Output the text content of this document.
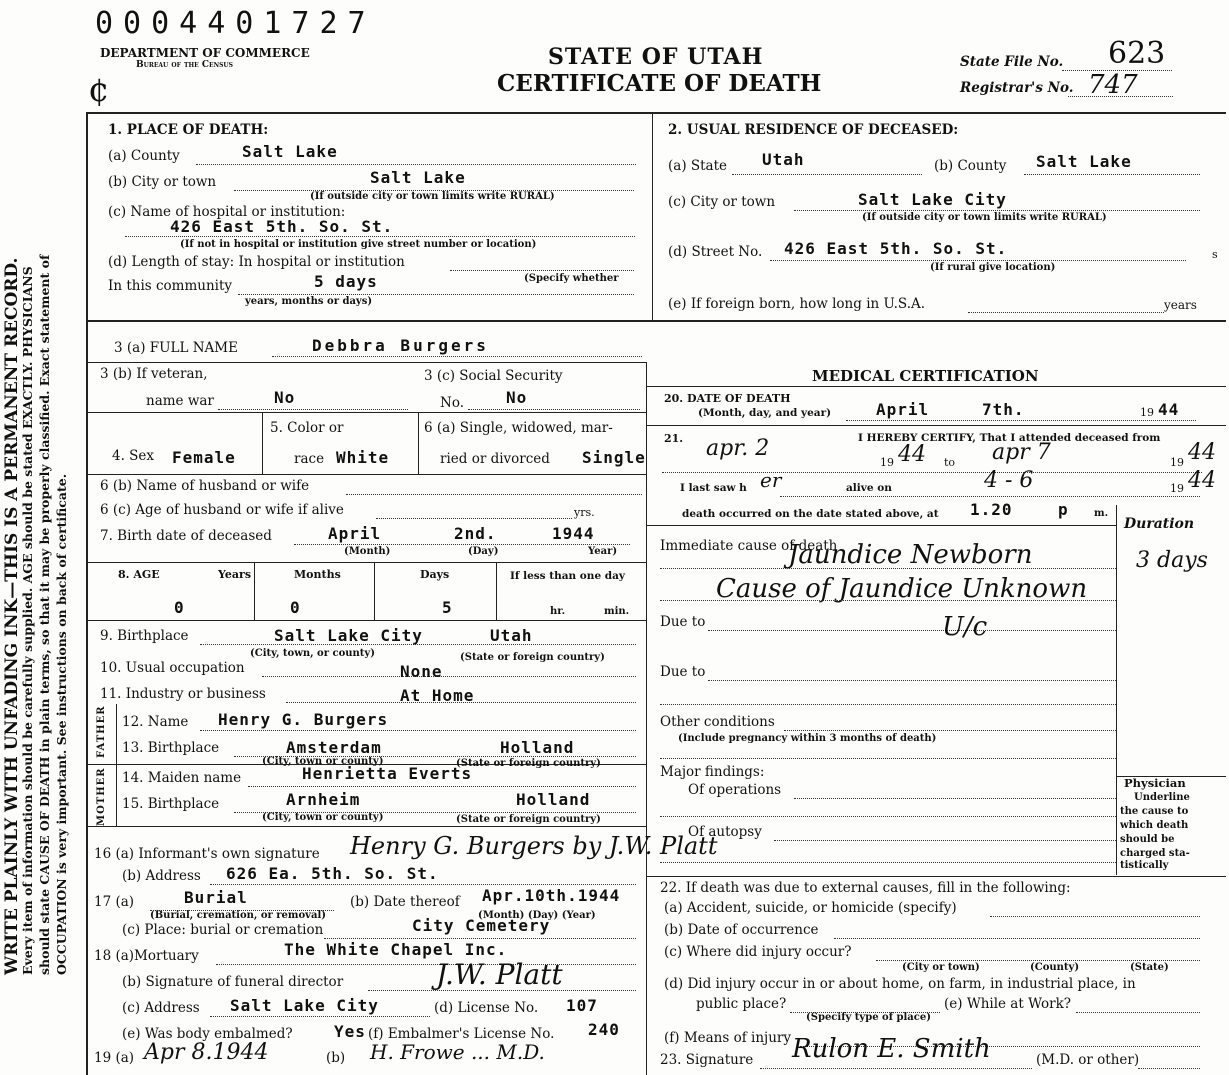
0004401727
DEPARTMENT OF COMMERCE
Bureau of the Census
¢
STATE OF UTAH
CERTIFICATE OF DEATH
State File No. 623
Registrar's No. 747
WRITE PLAINLY WITH UNFADING INK—THIS IS A PERMANENT RECORD.
Every item of information should be carefully supplied. AGE should be stated EXACTLY. PHYSICIANS should state CAUSE OF DEATH in plain terms, so that it may be properly classified. Exact statement of OCCUPATION is very important. See instructions on back of certificate.
1. PLACE OF DEATH:
(a) County	Salt Lake
(b) City or town	Salt Lake
(If outside city or town limits write RURAL)
(c) Name of hospital or institution:
426 East 5th. So. St.
(If not in hospital or institution give street number or location)
(d) Length of stay: In hospital or institution
In this community	5 days	(Specify whether
years, months or days)
2. USUAL RESIDENCE OF DECEASED:
(a) State Utah	(b) County Salt Lake
(c) City or town	Salt Lake City
(If outside city or town limits write RURAL)
(d) Street No. 426 East 5th. So. St.
(If rural give location)
s
(e) If foreign born, how long in U.S.A.	years
3 (a) FULL NAME	Debbra Burgers
3 (b) If veteran,
name war	No
3 (c) Social Security
No.	No
4. Sex Female
5. Color or
race White
6 (a) Single, widowed, mar-
ried or divorced Single
6 (b) Name of husband or wife
6 (c) Age of husband or wife if alive	yrs.
7. Birth date of deceased	April	2nd.	1944
(Month)	(Day)	Year)
8. AGE	Years	Months	Days	If less than one day
0	0	5	hr.	min.
9. Birthplace	Salt Lake City	Utah
(City, town, or county)	(State or foreign country)
10. Usual occupation	None
11. Industry or business	At Home
FATHER
MOTHER
12. Name Henry G. Burgers
13. Birthplace	Amsterdam	Holland
(City, town or county)	(State or foreign country)
14. Maiden name	Henrietta Everts
15. Birthplace	Arnheim	Holland
(City, town or county)	(State or foreign country)
16 (a) Informant's own signature Henry G. Burgers by J.W. Platt
(b) Address 626 Ea. 5th. So. St.
17 (a)	Burial
(Burial, cremation, or removal)
(b) Date thereof Apr.10th.1944
(Month) (Day) (Year)
(c) Place: burial or cremation	City Cemetery
18 (a)Mortuary	The White Chapel Inc.
(b) Signature of funeral director	J.W. Platt
(c) Address Salt Lake City	(d) License No. 107
(e) Was body embalmed?	Yes (f) Embalmer's License No. 240
19 (a) Apr 8.1944	(b) H. Frowe ... M.D.
MEDICAL CERTIFICATION
20. DATE OF DEATH
(Month, day, and year)	April	7th.	19 44
21.	I HEREBY CERTIFY, That I attended deceased from
apr. 2
19 44 to apr 7	19 44
I last saw h er	alive on	4 - 6	19 44
death occurred on the date stated above, at 1.20	p	m.
Duration
Immediate cause of death
Jaundice Newborn	3 days
Cause of Jaundice Unknown
Due to	U/c
Due to
Other conditions
(Include pregnancy within 3 months of death)
Major findings:
Of operations
Of autopsy
Physician
Underline
the cause to
which death
should be
charged sta-
tistically
22. If death was due to external causes, fill in the following:
(a) Accident, suicide, or homicide (specify)
(b) Date of occurrence
(c) Where did injury occur?
(City or town)	(County)	(State)
(d) Did injury occur in or about home, on farm, in industrial place, in
public place?	(e) While at Work?
(Specify type of place)
(f) Means of injury
23. Signature Rulon E. Smith	(M.D. or other)
